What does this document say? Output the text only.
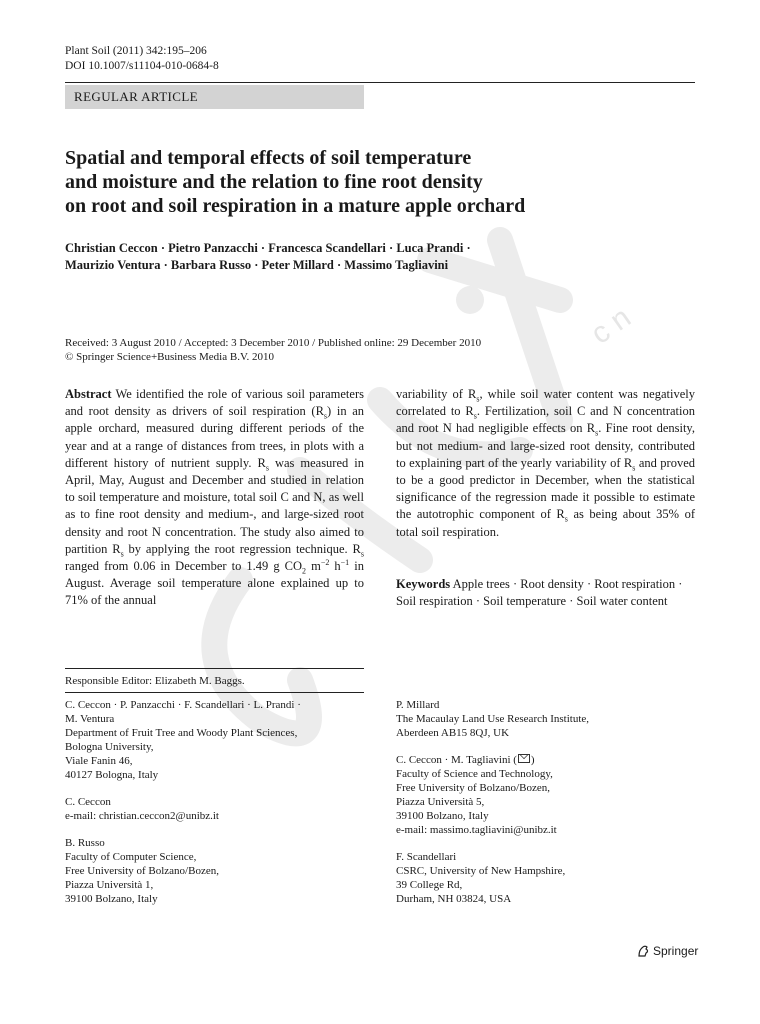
c n
Plant Soil (2011) 342:195–206
DOI 10.1007/s11104-010-0684-8
REGULAR ARTICLE
Spatial and temporal effects of soil temperature
and moisture and the relation to fine root density
on root and soil respiration in a mature apple orchard
Christian Ceccon · Pietro Panzacchi · Francesca Scandellari · Luca Prandi ·
Maurizio Ventura · Barbara Russo · Peter Millard · Massimo Tagliavini
Received: 3 August 2010 / Accepted: 3 December 2010 / Published online: 29 December 2010
© Springer Science+Business Media B.V. 2010

Abstract We identified the role of various soil parameters and root density as drivers of soil respiration $(R_s)$ in an apple orchard, measured during different periods of the year and at a range of distances from trees, in plots with a different history of nutrient supply. $R_s$ was measured in April, May, August and December and studied in relation to soil temperature and moisture, total soil C and N, as well as to fine root density and medium-, and large-sized root density and root N concentration. The study also aimed to partition $R_s$ by applying the root regression technique. $R_s$ ranged from 0.06 in December to 1.49 g $CO_2$ $m^{-2}$ $h^{-1}$ in August. Average soil temperature alone explained up to 71% of the annual

variability of $R_s$, while soil water content was negatively correlated to $R_s$. Fertilization, soil C and N concentration and root N had negligible effects on $R_s$. Fine root density, but not medium- and large-sized root density, contributed to explaining part of the yearly variability of $R_s$ and proved to be a good predictor in December, when the statistical significance of the regression made it possible to estimate the autotrophic component of $R_s$ as being about 35% of total soil respiration.

Keywords Apple trees · Root density · Root respiration · Soil respiration · Soil temperature · Soil water content

Responsible Editor: Elizabeth M. Baggs.
C. Ceccon · P. Panzacchi · F. Scandellari · L. Prandi ·
M. Ventura
Department of Fruit Tree and Woody Plant Sciences,
Bologna University,
Viale Fanin 46,
40127 Bologna, Italy
C. Ceccon
e-mail: christian.ceccon2@unibz.it
B. Russo
Faculty of Computer Science,
Free University of Bolzano/Bozen,
Piazza Università 1,
39100 Bolzano, Italy
P. Millard
The Macaulay Land Use Research Institute,
Aberdeen AB15 8QJ, UK
C. Ceccon · M. Tagliavini ( )
Faculty of Science and Technology,
Free University of Bolzano/Bozen,
Piazza Università 5,
39100 Bolzano, Italy
e-mail: massimo.tagliavini@unibz.it
F. Scandellari
CSRC, University of New Hampshire,
39 College Rd,
Durham, NH 03824, USA
Springer
